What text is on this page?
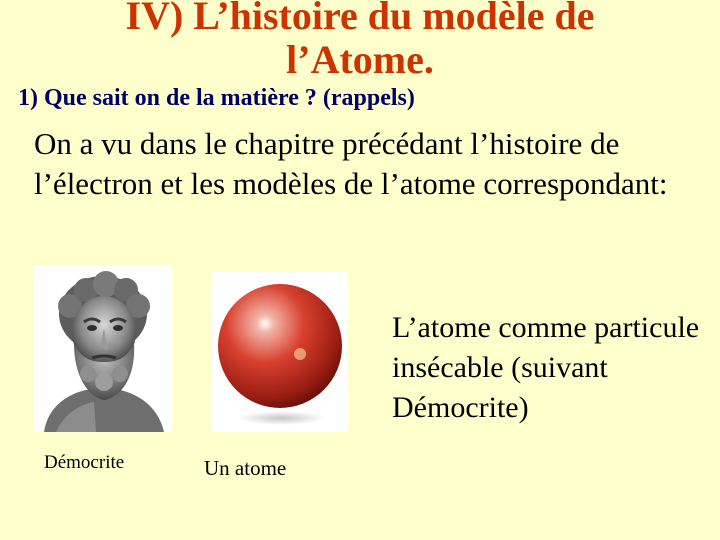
IV) L’histoire du modèle de
l’Atome.
1) Que sait on de la matière ? (rappels)
On a vu dans le chapitre précédant l’histoire de l’électron et les modèles de l’atome correspondant:
Démocrite	Un atome
L’atome comme particule insécable (suivant Démocrite)
